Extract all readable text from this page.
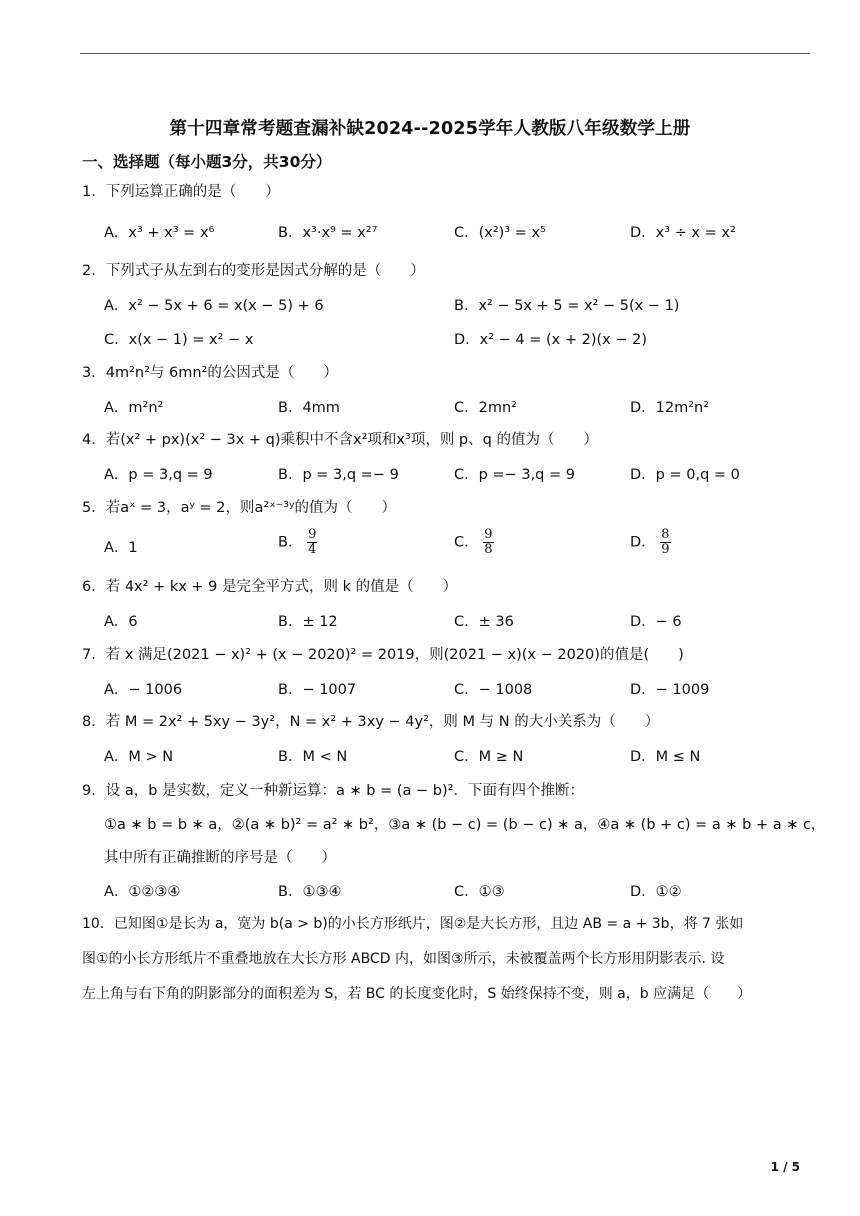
第十四章常考题查漏补缺2024--2025学年人教版八年级数学上册
一、选择题（每小题3分，共30分）
1．下列运算正确的是（　　）
A．x³ + x³ = x⁶	B．x³·x⁹ = x²⁷	C．(x²)³ = x⁵	D．x³ ÷ x = x²
2．下列式子从左到右的变形是因式分解的是（　　）
A．x² − 5x + 6 = x(x − 5) + 6	B．x² − 5x + 5 = x² − 5(x − 1)
C．x(x − 1) = x² − x	D．x² − 4 = (x + 2)(x − 2)
3．4m²n²与 6mn²的公因式是（　　）
A．m²n²	B．4mm	C．2mn²	D．12m²n²
4．若(x² + px)(x² − 3x + q)乘积中不含x²项和x³项，则 p、q 的值为（　　）
A．p = 3,q = 9	B．p = 3,q =− 9	C．p =− 3,q = 9	D．p = 0,q = 0
5．若aˣ = 3，aʸ = 2，则a²ˣ⁻³ʸ的值为（　　）
A．1	B． $\frac{9}{4}$	C． $\frac{9}{8}$	D． $\frac{8}{9}$
6．若 4x² + kx + 9 是完全平方式，则 k 的值是（　　）
A．6	B．± 12	C．± 36	D．− 6
7．若 x 满足(2021 − x)² + (x − 2020)² = 2019，则(2021 − x)(x − 2020)的值是(　　)
A．− 1006	B．− 1007	C．− 1008	D．− 1009
8．若 M = 2x² + 5xy − 3y²，N = x² + 3xy − 4y²，则 M 与 N 的大小关系为（　　）
A．M > N	B．M < N	C．M ≥ N	D．M ≤ N
9．设 a，b 是实数，定义一种新运算：a ∗ b = (a − b)²．下面有四个推断：
①a ∗ b = b ∗ a，②(a ∗ b)² = a² ∗ b²，③a ∗ (b − c) = (b − c) ∗ a，④a ∗ (b + c) = a ∗ b + a ∗ c，
其中所有正确推断的序号是（　　）
A．①②③④	B．①③④	C．①③	D．①②
10．已知图①是长为 a，宽为 b(a > b)的小长方形纸片，图②是大长方形，且边 AB = a + 3b，将 7 张如
图①的小长方形纸片不重叠地放在大长方形 ABCD 内，如图③所示，未被覆盖两个长方形用阴影表示. 设
左上角与右下角的阴影部分的面积差为 S，若 BC 的长度变化时，S 始终保持不变，则 a，b 应满足（　　）
1 / 5
